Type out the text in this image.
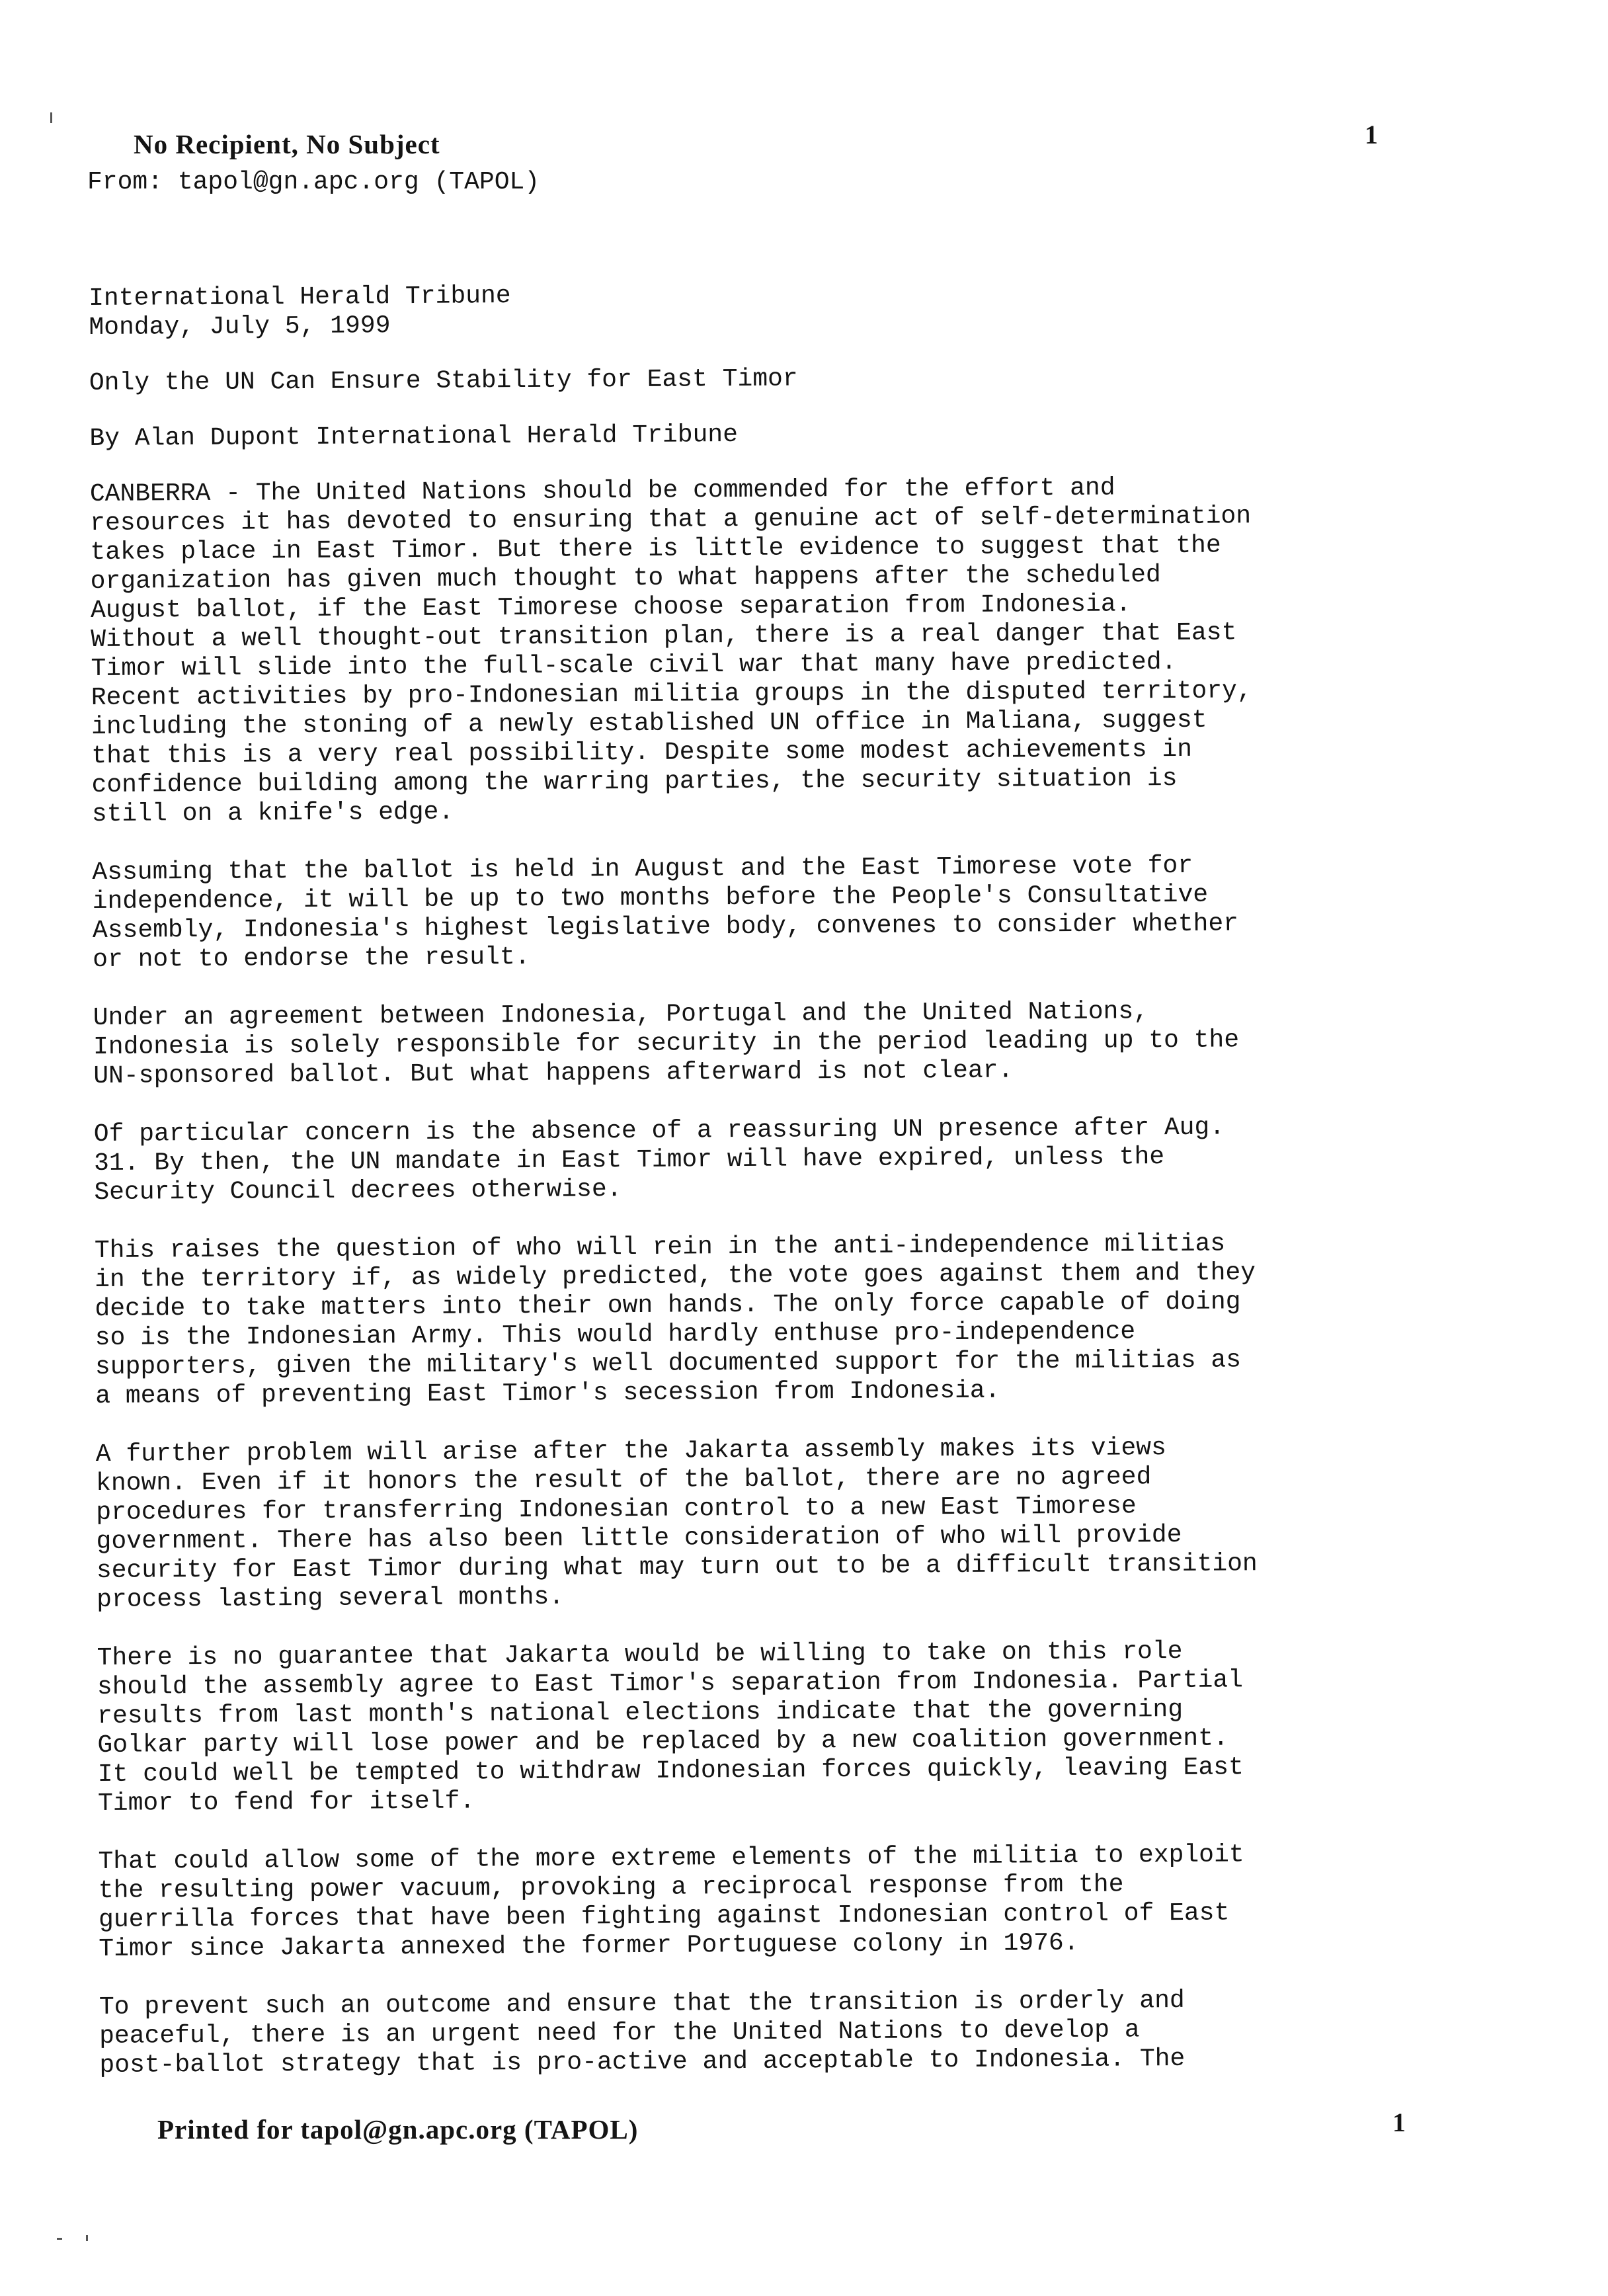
No Recipient, No Subject	1
From: tapol@gn.apc.org (TAPOL)
International Herald Tribune
Monday, July 5, 1999
Only the UN Can Ensure Stability for East Timor
By Alan Dupont International Herald Tribune
CANBERRA - The United Nations should be commended for the effort and
resources it has devoted to ensuring that a genuine act of self-determination
takes place in East Timor. But there is little evidence to suggest that the
organization has given much thought to what happens after the scheduled
August ballot, if the East Timorese choose separation from Indonesia.
Without a well thought-out transition plan, there is a real danger that East
Timor will slide into the full-scale civil war that many have predicted.
Recent activities by pro-Indonesian militia groups in the disputed territory,
including the stoning of a newly established UN office in Maliana, suggest
that this is a very real possibility. Despite some modest achievements in
confidence building among the warring parties, the security situation is
still on a knife's edge.
Assuming that the ballot is held in August and the East Timorese vote for
independence, it will be up to two months before the People's Consultative
Assembly, Indonesia's highest legislative body, convenes to consider whether
or not to endorse the result.
Under an agreement between Indonesia, Portugal and the United Nations,
Indonesia is solely responsible for security in the period leading up to the
UN-sponsored ballot. But what happens afterward is not clear.
Of particular concern is the absence of a reassuring UN presence after Aug.
31. By then, the UN mandate in East Timor will have expired, unless the
Security Council decrees otherwise.
This raises the question of who will rein in the anti-independence militias
in the territory if, as widely predicted, the vote goes against them and they
decide to take matters into their own hands. The only force capable of doing
so is the Indonesian Army. This would hardly enthuse pro-independence
supporters, given the military's well documented support for the militias as
a means of preventing East Timor's secession from Indonesia.
A further problem will arise after the Jakarta assembly makes its views
known. Even if it honors the result of the ballot, there are no agreed
procedures for transferring Indonesian control to a new East Timorese
government. There has also been little consideration of who will provide
security for East Timor during what may turn out to be a difficult transition
process lasting several months.
There is no guarantee that Jakarta would be willing to take on this role
should the assembly agree to East Timor's separation from Indonesia. Partial
results from last month's national elections indicate that the governing
Golkar party will lose power and be replaced by a new coalition government.
It could well be tempted to withdraw Indonesian forces quickly, leaving East
Timor to fend for itself.
That could allow some of the more extreme elements of the militia to exploit
the resulting power vacuum, provoking a reciprocal response from the
guerrilla forces that have been fighting against Indonesian control of East
Timor since Jakarta annexed the former Portuguese colony in 1976.
To prevent such an outcome and ensure that the transition is orderly and
peaceful, there is an urgent need for the United Nations to develop a
post-ballot strategy that is pro-active and acceptable to Indonesia. The
Printed for tapol@gn.apc.org (TAPOL)	1
